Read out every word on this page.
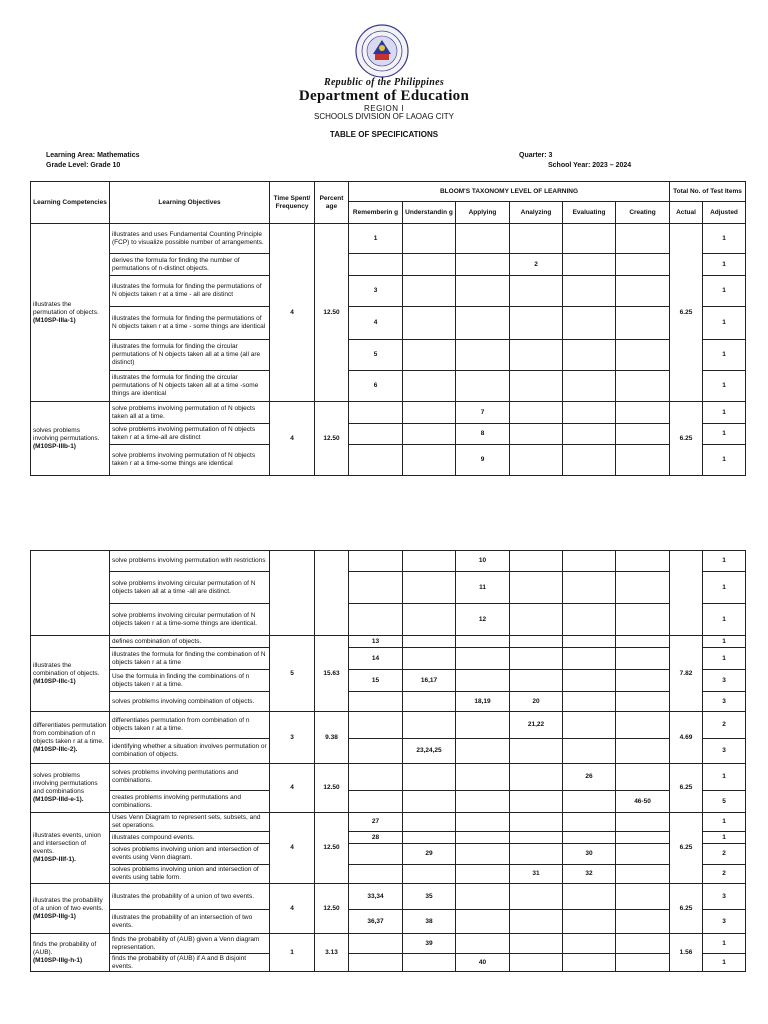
Republic of the Philippines
Department of Education
REGION I
SCHOOLS DIVISION OF LAOAG CITY
TABLE OF SPECIFICATIONS
Learning Area: Mathematics
Grade Level: Grade 10
Quarter: 3
School Year: 2023 – 2024
Learning Competencies	Learning Objectives	Time Spent/ Frequency	Percent age	BLOOM'S TAXONOMY LEVEL OF LEARNING						Total No. of Test Items	
				Rememberin g	Understandin g	Applying	Analyzing	Evaluating	Creating	Actual	Adjusted

illustrates the permutation of objects.
(M10SP-IIIa-1)	illustrates and uses Fundamental Counting Principle (FCP) to visualize possible number of arrangements.	4	12.50	1						6.25	1
	derives the formula for finding the number of permutations of n-distinct objects.						2				1
	illustrates the formula for finding the permutations of N objects taken r at a time - all are distinct			3							1
	illustrates the formula for finding the permutations of N objects taken r at a time - some things are identical			4							1
	illustrates the formula for finding the circular permutations of N objects taken all at a time (all are distinct)			5							1
	illustrates the formula for finding the circular permutations of N objects taken all at a time -some things are identical			6							1

solves problems involving permutations.
(M10SP-IIIb-1)	solve problems involving permutation of N objects taken all at a time.	4	12.50			7				6.25	1
	solve problems involving permutation of N objects taken r at a time-all are distinct					8					1
	solve problems involving permutation of N objects taken r at a time-some things are identical					9					1
	solve problems involving permutation with restrictions					10					1
	solve problems involving circular permutation of N objects taken all at a time -all are distinct.					11					1
	solve problems involving circular permutation of N objects taken r at a time-some things are identical.					12					1

illustrates the combination of objects.
(M10SP-IIIc-1)	defines combination of objects.	5	15.63	13						7.82	1
	illustrates the formula for finding the combination of N objects taken r at a time			14							1
	Use the formula in finding the combinations of n objects taken r at a time.			15	16,17						3
	solves problems involving combination of objects.					18,19	20				3

differentiates permutation from combination of n objects taken r at a time.
(M10SP-IIIc-2).	differentiates permutation from combination of n objects taken r at a time.	3	9.38				21,22			4.69	2
	identifying whether a situation involves permutation or combination of objects.				23,24,25						3

solves problems involving permutations and combinations
(M10SP-IIId-e-1).	solves problems involving permutations and combinations.	4	12.50					26		6.25	1
	creates problems involving permutations and combinations.								46-50		5

illustrates events, union and intersection of events.
(M10SP-IIIf-1).	Uses Venn Diagram to represent sets, subsets, and set operations.	4	12.50	27						6.25	1
	illustrates compound events.			28							1
	solves problems involving union and intersection of events using Venn diagram.				29			30			2
	solves problems involving union and intersection of events using table form.						31	32			2

illustrates the probability of a union of two events.
(M10SP-IIIg-1)	illustrates the probability of a union of two events.	4	12.50	33,34	35					6.25	3
	illustrates the probability of an intersection of two events.			36,37	38						3

finds the probability of (AUB).
(M10SP-IIIg-h-1)	finds the probability of (AUB) given a Venn diagram representation.	1	3.13		39					1.56	1
	finds the probability of (AUB) if A and B disjoint events.					40					1
